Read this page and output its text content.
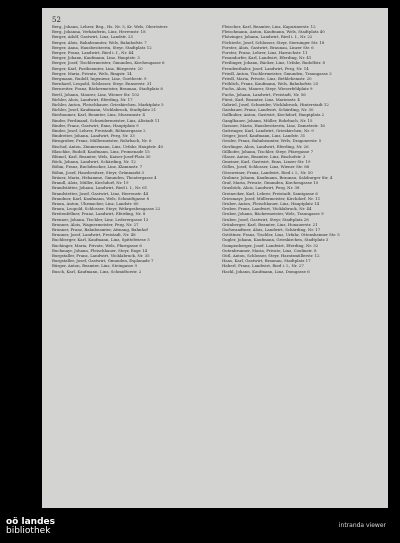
52

Berg, Johann, Lehrer, Beg., Hs. Nr. 5, Kr. Wels, Oberösterr.

Berg, Johanna, Verkäuferin, Linz, Herrenstr. 18

Berger, Adolf, Gastwirt, Linz, Landstr. 25

Berger, Alois, Bahnbeamter, Wels, Bahnhofstr. 7

Berger, Anna, Hausbesitzerin, Steyr, Stadtplatz 12

Berger, Franz, Landwirt, Ried i. I., Nr. 44

Berger, Johann, Kaufmann, Linz, Hauptstr. 3

Berger, Josef, Tischlermeister, Gmunden, Kirchengasse 6

Berger, Karl, Postbeamter, Linz, Bürgerstr. 20

Berger, Maria, Private, Wels, Ringstr. 14

Bergmann, Rudolf, Ingenieur, Linz, Goethestr. 9

Bernhard, Leopold, Schlosser, Steyr, Ennserstr. 31

Bernreiter, Franz, Bäckermeister, Braunau, Stadtplatz 8

Bertl, Johann, Maurer, Linz, Wiener Str. 102

Bichler, Alois, Landwirt, Eferding, Nr. 17

Bichler, Anton, Fleischhauer, Grieskirchen, Marktplatz 5

Bichler, Josef, Kaufmann, Vöcklabruck, Stadtplatz 21

Bierbaumer, Karl, Beamter, Linz, Museumstr. 4

Binder, Ferdinand, Schneidermeister, Linz, Altstadt 11

Binder, Franz, Gastwirt, Enns, Hauptplatz 9

Binder, Josef, Lehrer, Freistadt, Böhmergasse 2

Bindreiter, Johann, Landwirt, Perg, Nr. 33

Birngruber, Franz, Müllermeister, Rohrbach, Nr. 6

Bischof, Anton, Zimmermann, Linz, Urfahr, Hauptstr. 40

Blaschke, Rudolf, Kaufmann, Linz, Promenade 15

Blümel, Karl, Beamter, Wels, Kaiser-Josef-Platz 30

Böck, Johann, Landwirt, Schärding, Nr. 12

Böhm, Franz, Buchdrucker, Linz, Klammstr. 7

Böhm, Josef, Hausbesitzer, Steyr, Grünmarkt 3

Bräuer, Maria, Hebamme, Gmunden, Theatergasse 4

Brandl, Alois, Müller, Kirchdorf, Nr. 19

Brandstätter, Johann, Landwirt, Ried i. I., Nr. 61

Brandstetter, Josef, Gastwirt, Linz, Herrenstr. 44

Brandner, Karl, Kaufmann, Wels, Schmidtgasse 8

Braun, Anton, Uhrmacher, Linz, Landstr. 60

Braun, Leopold, Schlosser, Steyr, Wehrgrabengasse 22

Breitenfellner, Franz, Landwirt, Eferding, Nr. 8

Brenner, Johann, Tischler, Linz, Lederergasse 13

Brunner, Alois, Wagnermeister, Perg, Nr. 27

Brunner, Franz, Bahnbeamter, Attnang, Bahnhof

Brunner, Josef, Landwirt, Freistadt, Nr. 48

Buchberger, Karl, Kaufmann, Linz, Spittelwiese 5

Buchinger, Maria, Private, Wels, Pfarrgasse 6

Buchmayr, Johann, Fleischhauer, Steyr, Enge 14

Burgstaller, Franz, Landwirt, Vöcklabruck, Nr. 35

Burgstaller, Josef, Gastwirt, Gmunden, Esplanade 7

Bürger, Anton, Beamter, Linz, Steingasse 9

Busch, Karl, Kaufmann, Linz, Schmidtorstr. 2

Fleischer, Karl, Beamter, Linz, Kapuzinerstr. 12

Fleischmann, Anton, Kaufmann, Wels, Stadtplatz 40

Flotzinger, Johann, Landwirt, Ried i. I., Nr. 22

Föchterle, Josef, Schlosser, Steyr, Sierninger Str. 18

Forster, Alois, Gastwirt, Braunau, Linzer Str. 6

Forster, Franz, Lehrer, Linz, Harrachstr. 11

Fraundorfer, Karl, Landwirt, Eferding, Nr. 41

Freilinger, Johann, Bäcker, Linz, Urfahr, Rudolfstr. 8

Freudenthaler, Josef, Landwirt, Perg, Nr. 14

Friedl, Anton, Tischlermeister, Gmunden, Traungasse 3

Friedl, Maria, Private, Linz, Bethlehemstr. 20

Fröhlich, Franz, Kaufmann, Wels, Bahnhofstr. 25

Fuchs, Alois, Maurer, Steyr, Wieserfeldplatz 9

Fuchs, Johann, Landwirt, Freistadt, Nr. 56

Fürst, Karl, Beamter, Linz, Marienstr. 4

Gabriel, Josef, Schneider, Vöcklabruck, Hinterstadt 12

Gaisbauer, Franz, Landwirt, Schärding, Nr. 30

Gallhuber, Anton, Gastwirt, Kirchdorf, Hauptplatz 2

Ganglbauer, Johann, Müller, Rohrbach, Nr. 15

Gassner, Maria, Hausbesitzerin, Linz, Dametzstr. 16

Gattringer, Karl, Landwirt, Grieskirchen, Nr. 9

Geiger, Josef, Kaufmann, Linz, Landstr. 31

Geisler, Franz, Bahnbeamter, Wels, Dragonerstr. 5

Gierlinger, Alois, Landwirt, Eferding, Nr. 26

Gillhofer, Johann, Tischler, Steyr, Pfarrgasse 7

Glaser, Anton, Beamter, Linz, Bischofstr. 3

Gmeiner, Karl, Gastwirt, Enns, Linzer Str. 19

Gölles, Josef, Schlosser, Linz, Wiener Str. 88

Gössweiner, Franz, Landwirt, Ried i. I., Nr. 50

Grabner, Johann, Kaufmann, Braunau, Salzburger Str. 4

Graf, Maria, Private, Gmunden, Kirchengasse 10

Grasböck, Alois, Landwirt, Perg, Nr. 38

Greinecker, Karl, Lehrer, Freistadt, Samtgasse 6

Griesmayr, Josef, Müllermeister, Kirchdorf, Nr. 11

Gruber, Anton, Fleischhauer, Linz, Hauptplatz 14

Gruber, Franz, Landwirt, Vöcklabruck, Nr. 44

Gruber, Johann, Bäckermeister, Wels, Traungasse 9

Gruber, Josef, Gastwirt, Steyr, Stadtplatz 28

Grünberger, Karl, Beamter, Linz, Honauerstr. 21

Gschwandtner, Alois, Landwirt, Schärding, Nr. 17

Gstöttner, Franz, Tischler, Linz, Urfahr, Ottensheimer Str. 5

Gugler, Johann, Kaufmann, Grieskirchen, Stadtplatz 3

Gumpenberger, Josef, Landwirt, Eferding, Nr. 32

Gutenbrunner, Maria, Private, Linz, Coulinstr. 8

Gütl, Anton, Schlosser, Steyr, Haratzmüllerstr. 12

Haas, Karl, Gastwirt, Braunau, Stadtplatz 17

Haberl, Franz, Landwirt, Ried i. I., Nr. 27

Hackl, Johann, Kaufmann, Linz, Domgasse 6

oö landes
bibliothek
intranda viewer
